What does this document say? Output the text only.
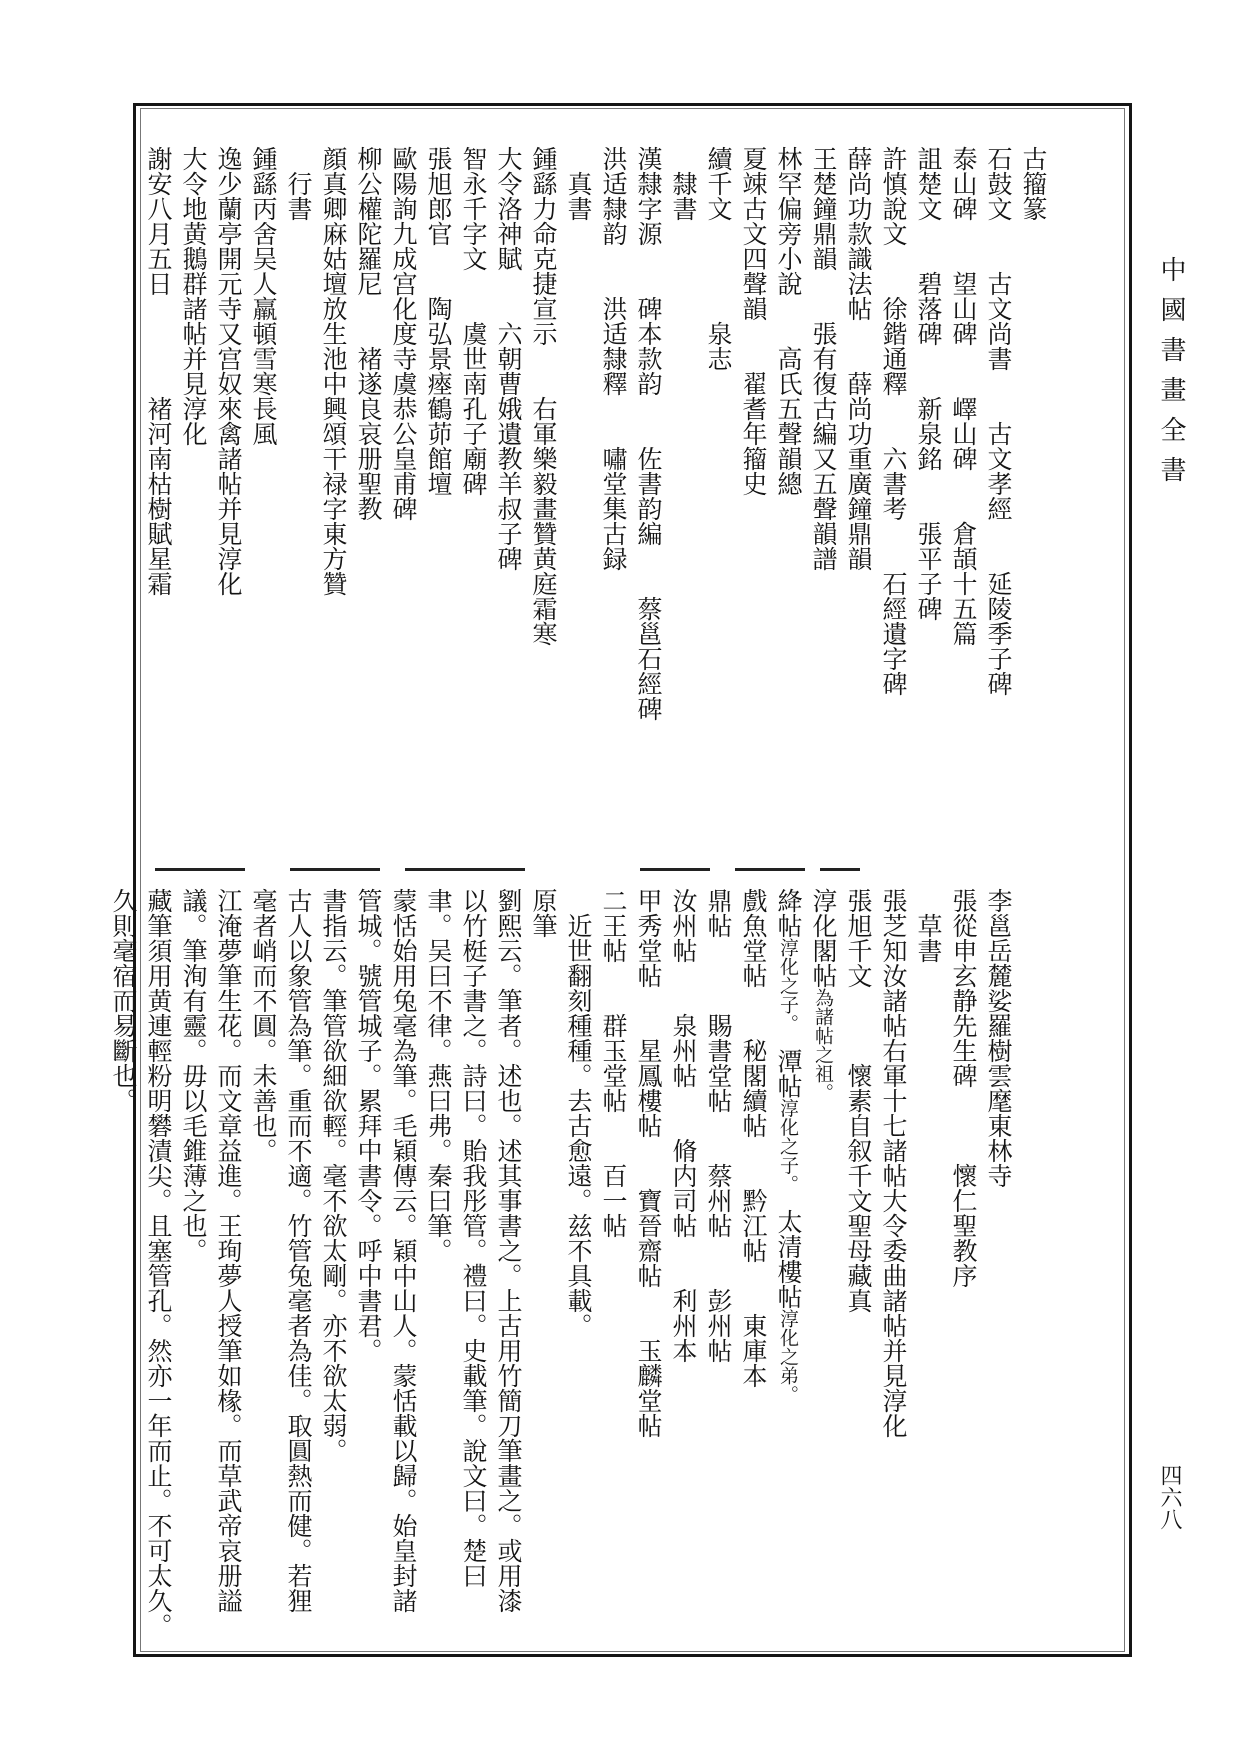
中國書畫全書
四六八
古籀篆
石鼓文　　古文尚書　　古文孝經　　延陵季子碑
泰山碑　　望山碑　　嶧山碑　　倉頡十五篇
詛楚文　　碧落碑　　新泉銘　　張平子碑
許慎說文　　徐鍇通釋　　六書考　　石經遺字碑
薛尚功款識法帖　　薛尚功重廣鐘鼎韻
王楚鐘鼎韻　　張有復古編又五聲韻譜
林罕偏旁小說　　高氏五聲韻總
夏竦古文四聲韻　　翟耆年籀史
續千文　　　　泉志
隸書
漢隸字源　　碑本款韵　　佐書韵編　　蔡邕石經碑
洪适隸韵　　洪适隸釋　　嘯堂集古録
真書
鍾繇力命克捷宣示　　右軍樂毅畫贊黄庭霜寒
大令洛神賦　　六朝曹娥遺教羊叔子碑
智永千字文　　虞世南孔子廟碑
張旭郎官　　陶弘景瘞鶴茆館壇
歐陽詢九成宫化度寺虞恭公皇甫碑
柳公權陀羅尼　　褚遂良哀册聖教
顔真卿麻姑壇放生池中興頌干禄字東方贊
行書
鍾繇丙舍吴人羸頓雪寒長風
逸少蘭亭開元寺又宫奴來禽諸帖并見淳化
大令地黄鵝群諸帖并見淳化
謝安八月五日　　　　褚河南枯樹賦星霜
李邕岳麓娑羅樹雲麾東林寺
張從申玄静先生碑　　　懷仁聖教序
草書
張芝知汝諸帖右軍十七諸帖大令委曲諸帖并見淳化
張旭千文　　　懷素自叙千文聖母藏真
淳化閣帖為諸帖之祖。
絳帖淳化之子。　潭帖淳化之子。　太清樓帖淳化之弟。
戲魚堂帖　　秘閣續帖　　黔江帖　　東庫本
鼎帖　　　賜書堂帖　　蔡州帖　　彭州帖
汝州帖　　泉州帖　　脩内司帖　　利州本
甲秀堂帖　　星鳳樓帖　　寶晉齋帖　　玉麟堂帖
二王帖　　群玉堂帖　　百一帖
近世翻刻種種。去古愈遠。兹不具載。
原筆
劉熙云。筆者。述也。述其事書之。上古用竹簡刀筆畫之。或用漆
以竹梃子書之。詩曰。貽我彤管。禮曰。史載筆。說文曰。楚曰
聿。吴曰不律。燕曰弗。秦曰筆。
蒙恬始用兔毫為筆。毛穎傳云。穎中山人。蒙恬載以歸。始皇封諸
管城。號管城子。累拜中書令。呼中書君。
書指云。筆管欲細欲輕。毫不欲太剛。亦不欲太弱。
古人以象管為筆。重而不適。竹管兔毫者為佳。取圓熱而健。若狸
毫者峭而不圓。未善也。
江淹夢筆生花。而文章益進。王珣夢人授筆如椽。而草武帝哀册謚
議。筆洵有靈。毋以毛錐薄之也。
藏筆須用黄連輕粉明礬漬尖。且塞管孔。然亦一年而止。不可太久。
久則毫宿而易斷也。
